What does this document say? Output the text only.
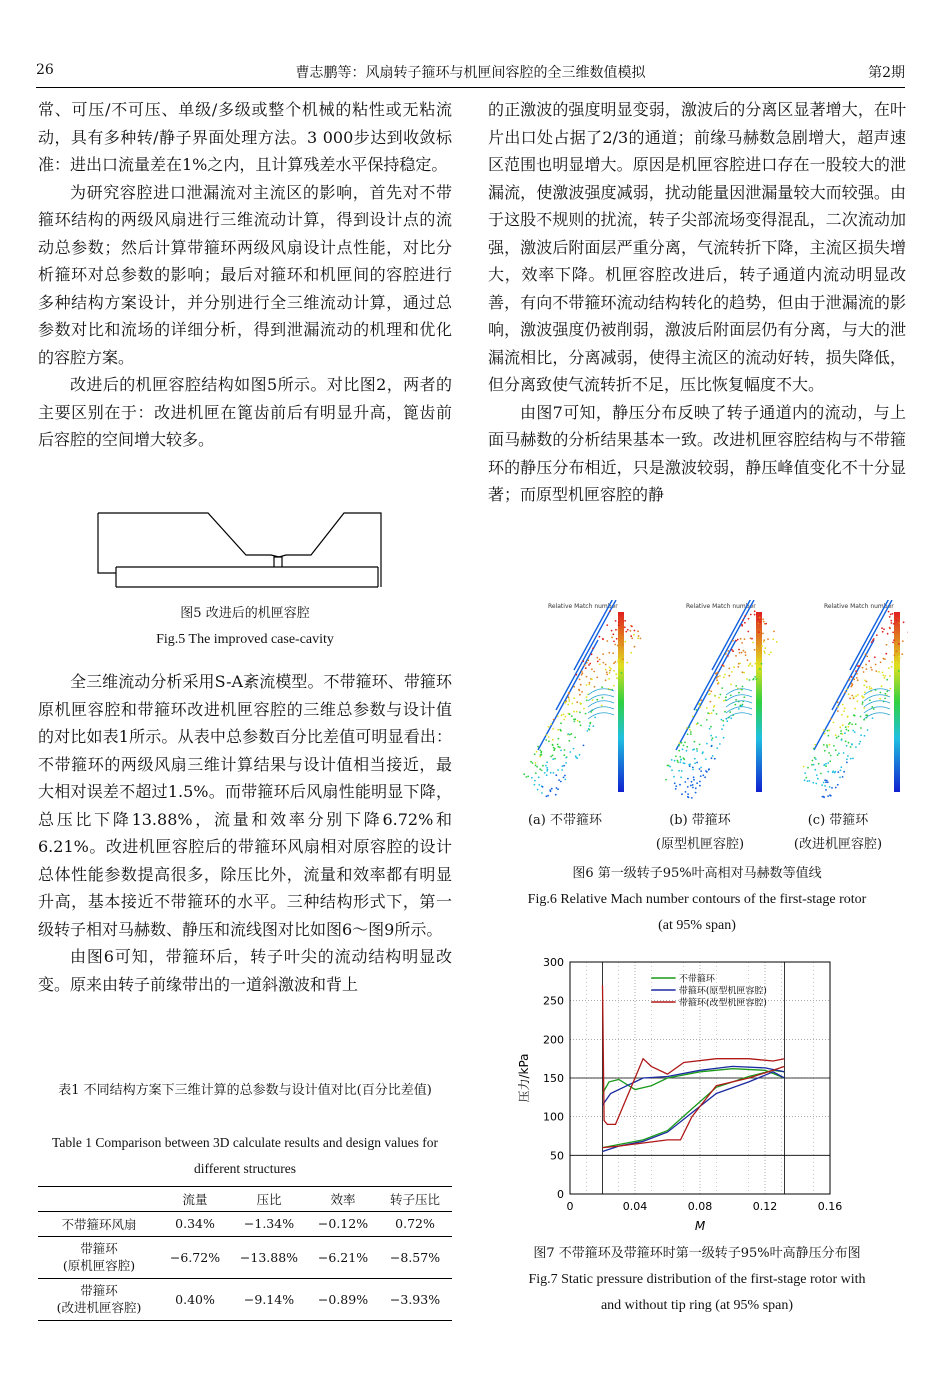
26	曹志鹏等：风扇转子箍环与机匣间容腔的全三维数值模拟	第2期

常、可压/不可压、单级/多级或整个机械的粘性或无粘流动，具有多种转/静子界面处理方法。3 000步达到收敛标准：进出口流量差在1%之内，且计算残差水平保持稳定。

为研究容腔进口泄漏流对主流区的影响，首先对不带箍环结构的两级风扇进行三维流动计算，得到设计点的流动总参数；然后计算带箍环两级风扇设计点性能，对比分析箍环对总参数的影响；最后对箍环和机匣间的容腔进行多种结构方案设计，并分别进行全三维流动计算，通过总参数对比和流场的详细分析，得到泄漏流动的机理和优化的容腔方案。

改进后的机匣容腔结构如图5所示。对比图2，两者的主要区别在于：改进机匣在篦齿前后有明显升高，篦齿前后容腔的空间增大较多。

图5 改进后的机匣容腔
Fig.5 The improved case-cavity

全三维流动分析采用S-A紊流模型。不带箍环、带箍环原机匣容腔和带箍环改进机匣容腔的三维总参数与设计值的对比如表1所示。从表中总参数百分比差值可明显看出：不带箍环的两级风扇三维计算结果与设计值相当接近，最大相对误差不超过1.5%。而带箍环后风扇性能明显下降，总压比下降13.88%，流量和效率分别下降6.72%和6.21%。改进机匣容腔后的带箍环风扇相对原容腔的设计总体性能参数提高很多，除压比外，流量和效率都有明显升高，基本接近不带箍环的水平。三种结构形式下，第一级转子相对马赫数、静压和流线图对比如图6～图9所示。

由图6可知，带箍环后，转子叶尖的流动结构明显改变。原来由转子前缘带出的一道斜激波和背上

表1 不同结构方案下三维计算的总参数与设计值对比(百分比差值)
Table 1 Comparison between 3D calculate results and design values for different structures
	流量	压比	效率	转子压比
不带箍环风扇	0.34%	−1.34%	−0.12%	0.72%
带箍环
(原机匣容腔)	−6.72%	−13.88%	−6.21%	−8.57%
带箍环
(改进机匣容腔)	0.40%	−9.14%	−0.89%	−3.93%

的正激波的强度明显变弱，激波后的分离区显著增大，在叶片出口处占据了2/3的通道；前缘马赫数急剧增大，超声速区范围也明显增大。原因是机匣容腔进口存在一股较大的泄漏流，使激波强度减弱，扰动能量因泄漏量较大而较强。由于这股不规则的扰流，转子尖部流场变得混乱，二次流动加强，激波后附面层严重分离，气流转折下降，主流区损失增大，效率下降。机匣容腔改进后，转子通道内流动明显改善，有向不带箍环流动结构转化的趋势，但由于泄漏流的影响，激波强度仍被削弱，激波后附面层仍有分离，与大的泄漏流相比，分离减弱，使得主流区的流动好转，损失降低，但分离致使气流转折不足，压比恢复幅度不大。

由图7可知，静压分布反映了转子通道内的流动，与上面马赫数的分析结果基本一致。改进机匣容腔结构与不带箍环的静压分布相近，只是激波较弱，静压峰值变化不十分显著；而原型机匣容腔的静

Relative Match number	Relative Match number	Relative Match number
(a) 不带箍环	(b) 带箍环
(原型机匣容腔)
(c) 带箍环
(改进机匣容腔)
图6 第一级转子95%叶高相对马赫数等值线
Fig.6 Relative Mach number contours of the first-stage rotor
(at 95% span)
0	0.04	0.08	0.12	0.16
0
50
100
150
200
250
300
M
压力/kPa
不带箍环
带箍环(原型机匣容腔)
带箍环(改型机匣容腔)
图7 不带箍环及带箍环时第一级转子95%叶高静压分布图
Fig.7 Static pressure distribution of the first-stage rotor with
and without tip ring (at 95% span)
